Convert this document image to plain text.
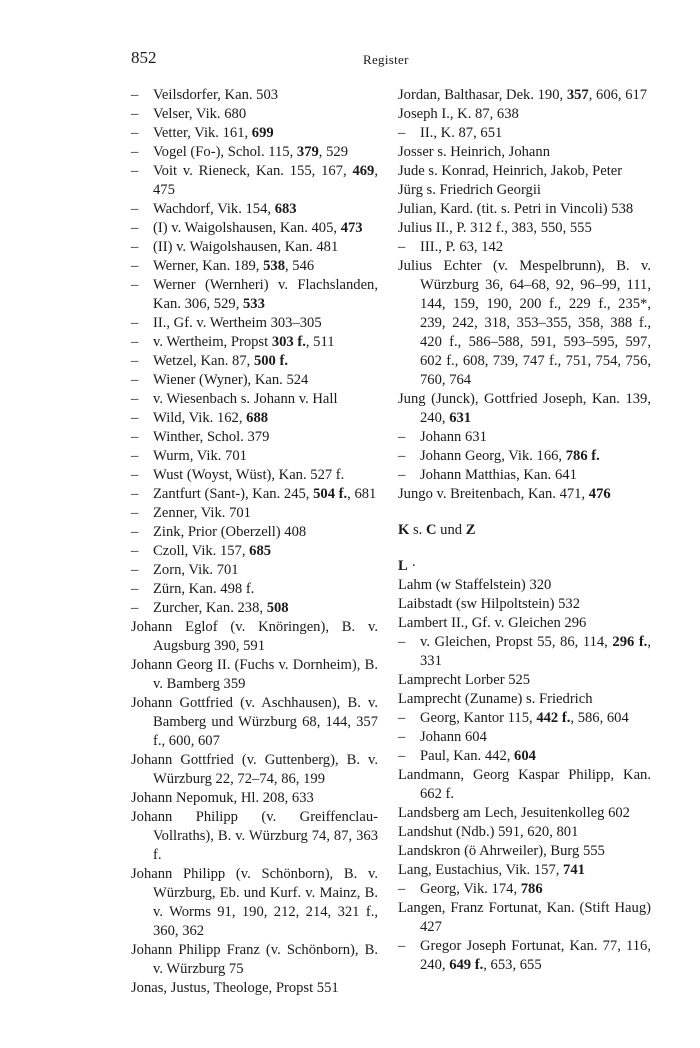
852	Register
–	Veilsdorfer, Kan. 503
–	Velser, Vik. 680
–	Vetter, Vik. 161, 699
–	Vogel (Fo-), Schol. 115, 379, 529
–	Voit v. Rieneck, Kan. 155, 167, 469, 475
–	Wachdorf, Vik. 154, 683
–	(I) v. Waigolshausen, Kan. 405, 473
–	(II) v. Waigolshausen, Kan. 481
–	Werner, Kan. 189, 538, 546
–	Werner (Wernheri) v. Flachslanden, Kan. 306, 529, 533
–	II., Gf. v. Wertheim 303–305
–	v. Wertheim, Propst 303 f., 511
–	Wetzel, Kan. 87, 500 f.
–	Wiener (Wyner), Kan. 524
–	v. Wiesenbach s. Johann v. Hall
–	Wild, Vik. 162, 688
–	Winther, Schol. 379
–	Wurm, Vik. 701
–	Wust (Woyst, Wüst), Kan. 527 f.
–	Zantfurt (Sant-), Kan. 245, 504 f., 681
–	Zenner, Vik. 701
–	Zink, Prior (Oberzell) 408
–	Czoll, Vik. 157, 685
–	Zorn, Vik. 701
–	Zürn, Kan. 498 f.
–	Zurcher, Kan. 238, 508
Johann Eglof (v. Knöringen), B. v. Augsburg 390, 591
Johann Georg II. (Fuchs v. Dornheim), B. v. Bamberg 359
Johann Gottfried (v. Aschhausen), B. v. Bamberg und Würzburg 68, 144, 357 f., 600, 607
Johann Gottfried (v. Guttenberg), B. v. Würzburg 22, 72–74, 86, 199
Johann Nepomuk, Hl. 208, 633
Johann Philipp (v. Greiffenclau-Vollraths), B. v. Würzburg 74, 87, 363 f.
Johann Philipp (v. Schönborn), B. v. Würzburg, Eb. und Kurf. v. Mainz, B. v. Worms 91, 190, 212, 214, 321 f., 360, 362
Johann Philipp Franz (v. Schönborn), B. v. Würzburg 75
Jonas, Justus, Theologe, Propst 551
Jordan, Balthasar, Dek. 190, 357, 606, 617
Joseph I., K. 87, 638
–	II., K. 87, 651
Josser s. Heinrich, Johann
Jude s. Konrad, Heinrich, Jakob, Peter
Jürg s. Friedrich Georgii
Julian, Kard. (tit. s. Petri in Vincoli) 538
Julius II., P. 312 f., 383, 550, 555
–	III., P. 63, 142
Julius Echter (v. Mespelbrunn), B. v. Würzburg 36, 64–68, 92, 96–99, 111, 144, 159, 190, 200 f., 229 f., 235*, 239, 242, 318, 353–355, 358, 388 f., 420 f., 586–588, 591, 593–595, 597, 602 f., 608, 739, 747 f., 751, 754, 756, 760, 764
Jung (Junck), Gottfried Joseph, Kan. 139, 240, 631
–	Johann 631
–	Johann Georg, Vik. 166, 786 f.
–	Johann Matthias, Kan. 641
Jungo v. Breitenbach, Kan. 471, 476
K s. C und Z
L ·
Lahm (w Staffelstein) 320
Laibstadt (sw Hilpoltstein) 532
Lambert II., Gf. v. Gleichen 296
–	v. Gleichen, Propst 55, 86, 114, 296 f., 331
Lamprecht Lorber 525
Lamprecht (Zuname) s. Friedrich
–	Georg, Kantor 115, 442 f., 586, 604
–	Johann 604
–	Paul, Kan. 442, 604
Landmann, Georg Kaspar Philipp, Kan. 662 f.
Landsberg am Lech, Jesuitenkolleg 602
Landshut (Ndb.) 591, 620, 801
Landskron (ö Ahrweiler), Burg 555
Lang, Eustachius, Vik. 157, 741
–	Georg, Vik. 174, 786
Langen, Franz Fortunat, Kan. (Stift Haug) 427
–	Gregor Joseph Fortunat, Kan. 77, 116, 240, 649 f., 653, 655
